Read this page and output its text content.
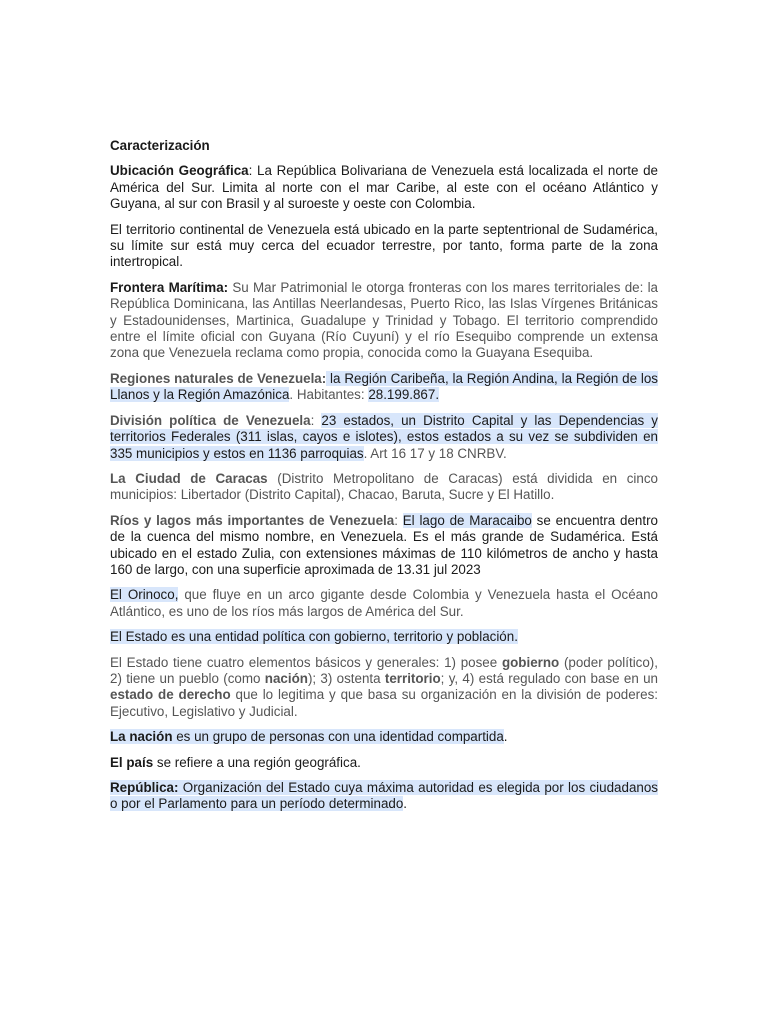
Caracterización
Ubicación Geográfica: La República Bolivariana de Venezuela está localizada el norte de América del Sur. Limita al norte con el mar Caribe, al este con el océano Atlántico y Guyana, al sur con Brasil y al suroeste y oeste con Colombia.
El territorio continental de Venezuela está ubicado en la parte septentrional de Sudamérica, su límite sur está muy cerca del ecuador terrestre, por tanto, forma parte de la zona intertropical.
Frontera Marítima: Su Mar Patrimonial le otorga fronteras con los mares territoriales de: la República Dominicana, las Antillas Neerlandesas, Puerto Rico, las Islas Vírgenes Británicas y Estadounidenses, Martinica, Guadalupe y Trinidad y Tobago. El territorio comprendido entre el límite oficial con Guyana (Río Cuyuní) y el río Esequibo comprende un extensa zona que Venezuela reclama como propia, conocida como la Guayana Esequiba.
Regiones naturales de Venezuela: la Región Caribeña, la Región Andina, la Región de los Llanos y la Región Amazónica. Habitantes: 28.199.867.
División política de Venezuela: 23 estados, un Distrito Capital y las Dependencias y territorios Federales (311 islas, cayos e islotes), estos estados a su vez se subdividen en 335 municipios y estos en 1136 parroquias. Art 16 17 y 18 CNRBV.
La Ciudad de Caracas (Distrito Metropolitano de Caracas) está dividida en cinco municipios: Libertador (Distrito Capital), Chacao, Baruta, Sucre y El Hatillo.
Ríos y lagos más importantes de Venezuela: El lago de Maracaibo se encuentra dentro de la cuenca del mismo nombre, en Venezuela. Es el más grande de Sudamérica. Está ubicado en el estado Zulia, con extensiones máximas de 110 kilómetros de ancho y hasta 160 de largo, con una superficie aproximada de 13.31 jul 2023
El Orinoco, que fluye en un arco gigante desde Colombia y Venezuela hasta el Océano Atlántico, es uno de los ríos más largos de América del Sur.
El Estado es una entidad política con gobierno, territorio y población.
El Estado tiene cuatro elementos básicos y generales: 1) posee gobierno (poder político), 2) tiene un pueblo (como nación); 3) ostenta territorio; y, 4) está regulado con base en un estado de derecho que lo legitima y que basa su organización en la división de poderes: Ejecutivo, Legislativo y Judicial.
La nación es un grupo de personas con una identidad compartida.
El país se refiere a una región geográfica.
República: Organización del Estado cuya máxima autoridad es elegida por los ciudadanos o por el Parlamento para un período determinado.
